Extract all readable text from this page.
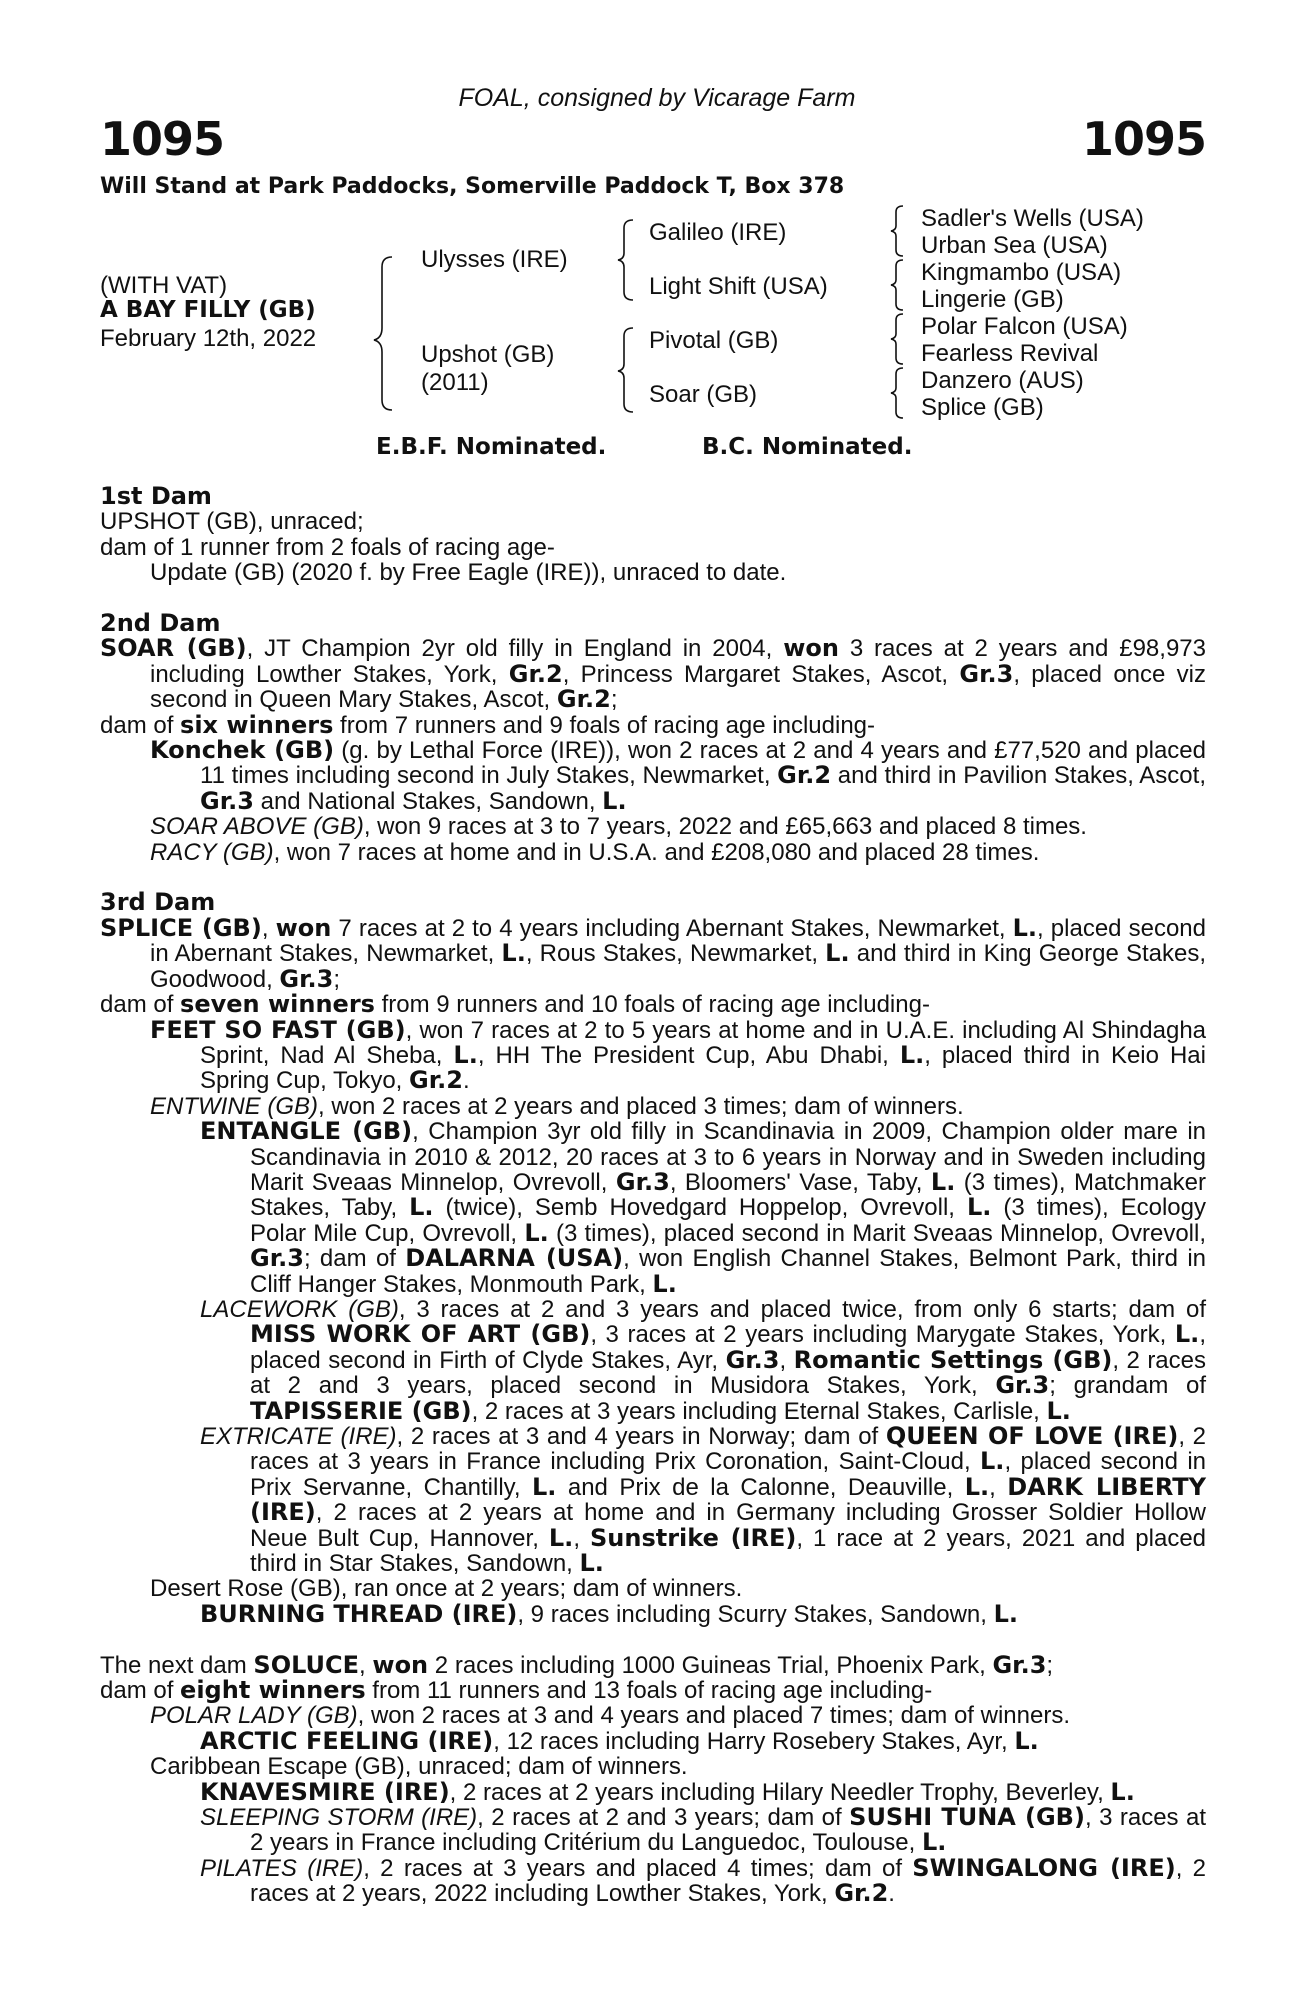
FOAL, consigned by Vicarage Farm
1095	1095
Will Stand at Park Paddocks, Somerville Paddock T, Box 378
(WITH VAT)
A BAY FILLY (GB)
February 12th, 2022
Ulysses (IRE)
Upshot (GB)
(2011)
Galileo (IRE)
Light Shift (USA)
Pivotal (GB)
Soar (GB)
Sadler's Wells (USA)
Urban Sea (USA)
Kingmambo (USA)
Lingerie (GB)
Polar Falcon (USA)
Fearless Revival
Danzero (AUS)
Splice (GB)
E.B.F. Nominated.	B.C. Nominated.

1st Dam

UPSHOT (GB), unraced;

dam of 1 runner from 2 foals of racing age-

Update (GB) (2020 f. by Free Eagle (IRE)), unraced to date.

2nd Dam

SOAR (GB), JT Champion 2yr old filly in England in 2004, won 3 races at 2 years and £98,973 including Lowther Stakes, York, Gr.2, Princess Margaret Stakes, Ascot, Gr.3, placed once viz second in Queen Mary Stakes, Ascot, Gr.2;

dam of six winners from 7 runners and 9 foals of racing age including-

Konchek (GB) (g. by Lethal Force (IRE)), won 2 races at 2 and 4 years and £77,520 and placed 11 times including second in July Stakes, Newmarket, Gr.2 and third in Pavilion Stakes, Ascot, Gr.3 and National Stakes, Sandown, L.

SOAR ABOVE (GB), won 9 races at 3 to 7 years, 2022 and £65,663 and placed 8 times.

RACY (GB), won 7 races at home and in U.S.A. and £208,080 and placed 28 times.

3rd Dam

SPLICE (GB), won 7 races at 2 to 4 years including Abernant Stakes, Newmarket, L., placed second in Abernant Stakes, Newmarket, L., Rous Stakes, Newmarket, L. and third in King George Stakes, Goodwood, Gr.3;

dam of seven winners from 9 runners and 10 foals of racing age including-

FEET SO FAST (GB), won 7 races at 2 to 5 years at home and in U.A.E. including Al Shindagha Sprint, Nad Al Sheba, L., HH The President Cup, Abu Dhabi, L., placed third in Keio Hai Spring Cup, Tokyo, Gr.2.

ENTWINE (GB), won 2 races at 2 years and placed 3 times; dam of winners.

ENTANGLE (GB), Champion 3yr old filly in Scandinavia in 2009, Champion older mare in Scandinavia in 2010 & 2012, 20 races at 3 to 6 years in Norway and in Sweden including Marit Sveaas Minnelop, Ovrevoll, Gr.3, Bloomers' Vase, Taby, L. (3 times), Matchmaker Stakes, Taby, L. (twice), Semb Hovedgard Hoppelop, Ovrevoll, L. (3 times), Ecology Polar Mile Cup, Ovrevoll, L. (3 times), placed second in Marit Sveaas Minnelop, Ovrevoll, Gr.3; dam of DALARNA (USA), won English Channel Stakes, Belmont Park, third in Cliff Hanger Stakes, Monmouth Park, L.

LACEWORK (GB), 3 races at 2 and 3 years and placed twice, from only 6 starts; dam of MISS WORK OF ART (GB), 3 races at 2 years including Marygate Stakes, York, L., placed second in Firth of Clyde Stakes, Ayr, Gr.3, Romantic Settings (GB), 2 races at 2 and 3 years, placed second in Musidora Stakes, York, Gr.3; grandam of TAPISSERIE (GB), 2 races at 3 years including Eternal Stakes, Carlisle, L.

EXTRICATE (IRE), 2 races at 3 and 4 years in Norway; dam of QUEEN OF LOVE (IRE), 2 races at 3 years in France including Prix Coronation, Saint-Cloud, L., placed second in Prix Servanne, Chantilly, L. and Prix de la Calonne, Deauville, L., DARK LIBERTY (IRE), 2 races at 2 years at home and in Germany including Grosser Soldier Hollow Neue Bult Cup, Hannover, L., Sunstrike (IRE), 1 race at 2 years, 2021 and placed third in Star Stakes, Sandown, L.

Desert Rose (GB), ran once at 2 years; dam of winners.

BURNING THREAD (IRE), 9 races including Scurry Stakes, Sandown, L.

The next dam SOLUCE, won 2 races including 1000 Guineas Trial, Phoenix Park, Gr.3;

dam of eight winners from 11 runners and 13 foals of racing age including-

POLAR LADY (GB), won 2 races at 3 and 4 years and placed 7 times; dam of winners.

ARCTIC FEELING (IRE), 12 races including Harry Rosebery Stakes, Ayr, L.

Caribbean Escape (GB), unraced; dam of winners.

KNAVESMIRE (IRE), 2 races at 2 years including Hilary Needler Trophy, Beverley, L.

SLEEPING STORM (IRE), 2 races at 2 and 3 years; dam of SUSHI TUNA (GB), 3 races at 2 years in France including Critérium du Languedoc, Toulouse, L.

PILATES (IRE), 2 races at 3 years and placed 4 times; dam of SWINGALONG (IRE), 2 races at 2 years, 2022 including Lowther Stakes, York, Gr.2.
